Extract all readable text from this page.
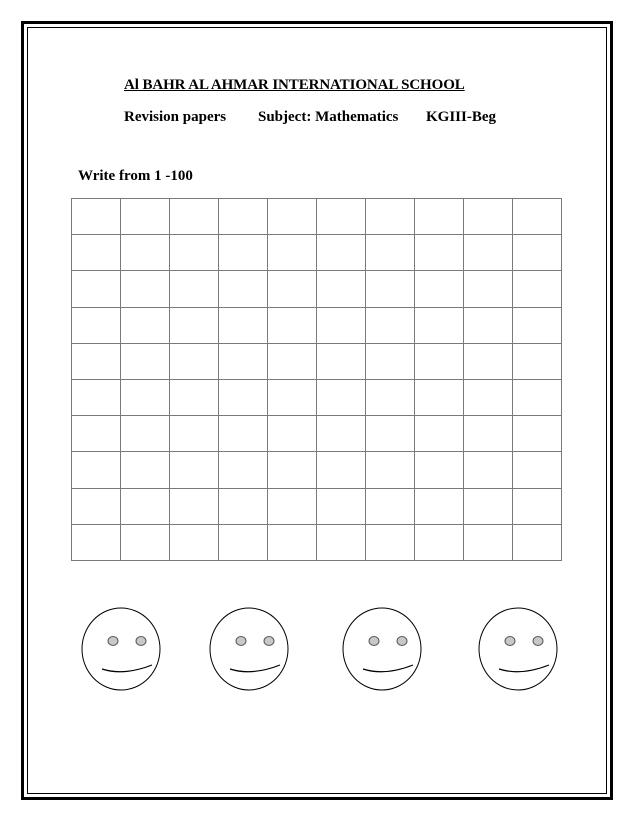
Al BAHR AL AHMAR INTERNATIONAL SCHOOL
Revision papers Subject: Mathematics KGIII-Beg
Write from 1 -100
